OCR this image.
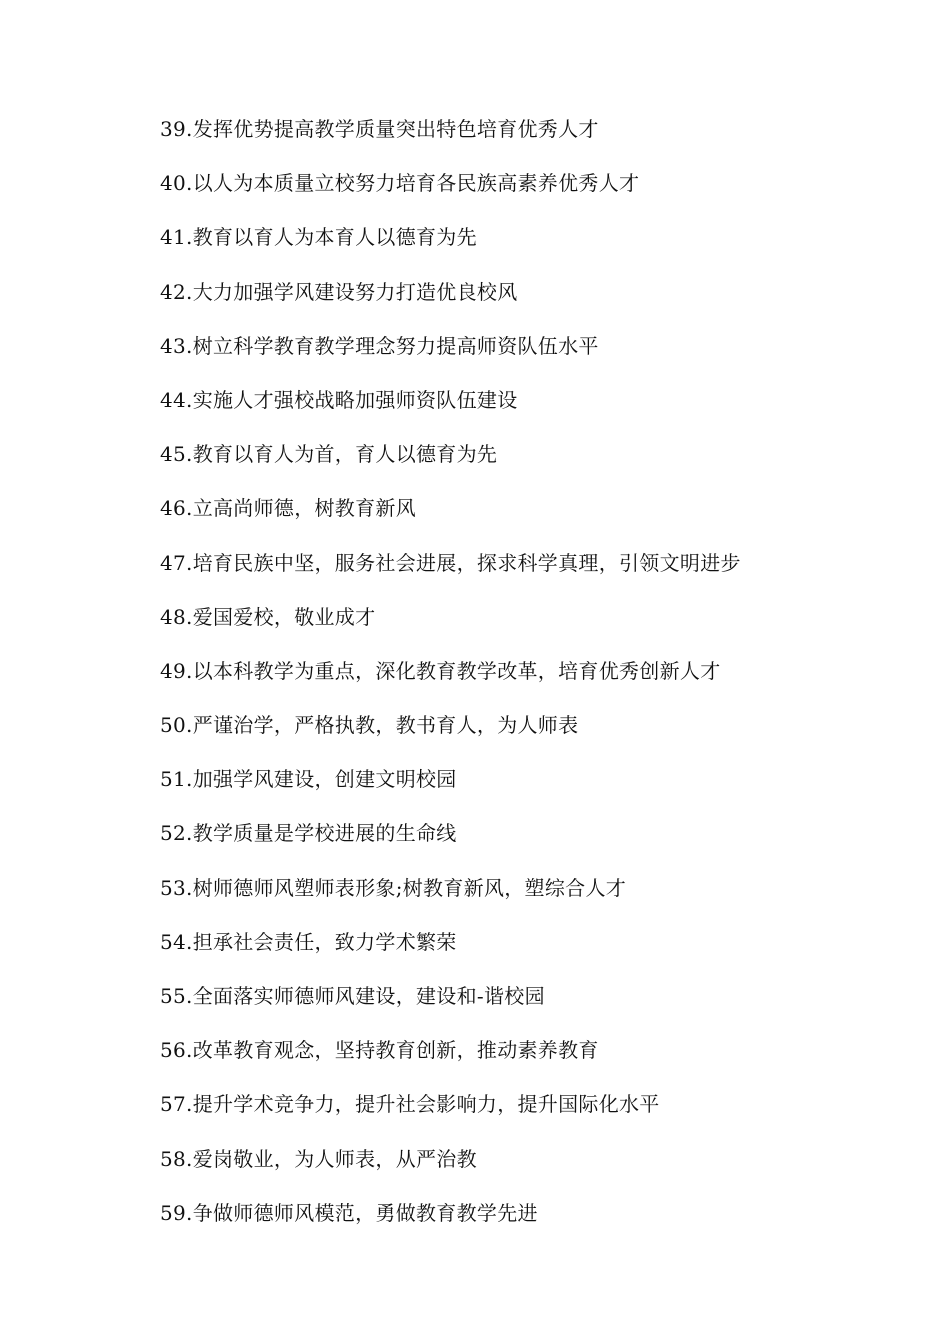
39.发挥优势提高教学质量突出特色培育优秀人才
40.以人为本质量立校努力培育各民族高素养优秀人才
41.教育以育人为本育人以德育为先
42.大力加强学风建设努力打造优良校风
43.树立科学教育教学理念努力提高师资队伍水平
44.实施人才强校战略加强师资队伍建设
45.教育以育人为首，育人以德育为先
46.立高尚师德，树教育新风
47.培育民族中坚，服务社会进展，探求科学真理，引领文明进步
48.爱国爱校，敬业成才
49.以本科教学为重点，深化教育教学改革，培育优秀创新人才
50.严谨治学，严格执教，教书育人，为人师表
51.加强学风建设，创建文明校园
52.教学质量是学校进展的生命线
53.树师德师风塑师表形象;树教育新风，塑综合人才
54.担承社会责任，致力学术繁荣
55.全面落实师德师风建设，建设和-谐校园
56.改革教育观念，坚持教育创新，推动素养教育
57.提升学术竞争力，提升社会影响力，提升国际化水平
58.爱岗敬业，为人师表，从严治教
59.争做师德师风模范，勇做教育教学先进
